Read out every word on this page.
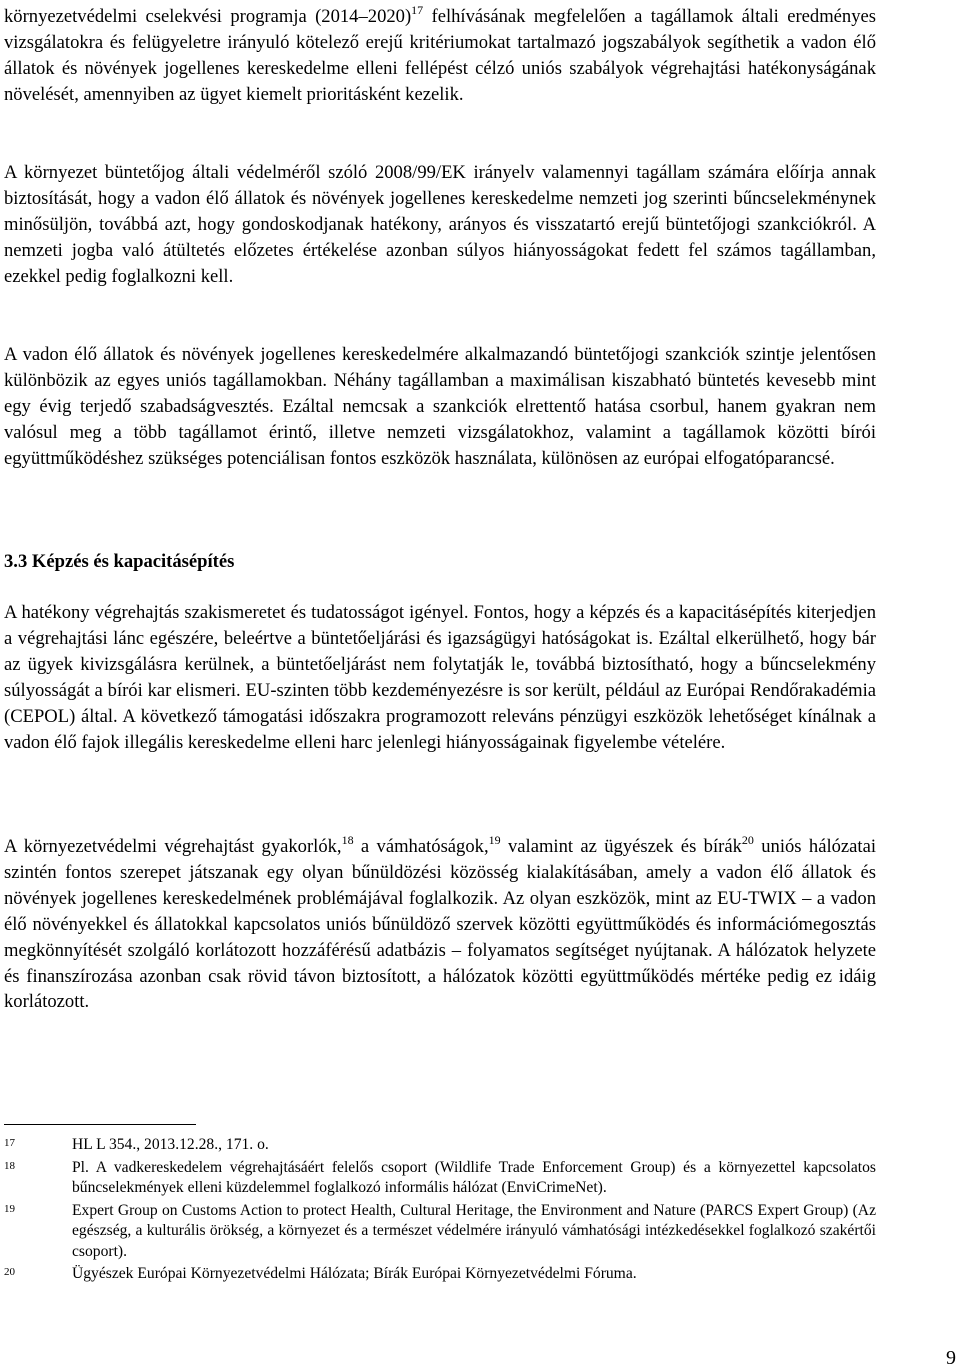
környezetvédelmi cselekvési programja (2014–2020)$^{17}$ felhívásának megfelelően a tagállamok általi eredményes vizsgálatokra és felügyeletre irányuló kötelező erejű kritériumokat tartalmazó jogszabályok segíthetik a vadon élő állatok és növények jogellenes kereskedelme elleni fellépést célzó uniós szabályok végrehajtási hatékonyságának növelését, amennyiben az ügyet kiemelt prioritásként kezelik.

A környezet büntetőjog általi védelméről szóló 2008/99/EK irányelv valamennyi tagállam számára előírja annak biztosítását, hogy a vadon élő állatok és növények jogellenes kereskedelme nemzeti jog szerinti bűncselekménynek minősüljön, továbbá azt, hogy gondoskodjanak hatékony, arányos és visszatartó erejű büntetőjogi szankciókról. A nemzeti jogba való átültetés előzetes értékelése azonban súlyos hiányosságokat fedett fel számos tagállamban, ezekkel pedig foglalkozni kell.

A vadon élő állatok és növények jogellenes kereskedelmére alkalmazandó büntetőjogi szankciók szintje jelentősen különbözik az egyes uniós tagállamokban. Néhány tagállamban a maximálisan kiszabható büntetés kevesebb mint egy évig terjedő szabadságvesztés. Ezáltal nemcsak a szankciók elrettentő hatása csorbul, hanem gyakran nem valósul meg a több tagállamot érintő, illetve nemzeti vizsgálatokhoz, valamint a tagállamok közötti bírói együttműködéshez szükséges potenciálisan fontos eszközök használata, különösen az európai elfogatóparancsé.

3.3 Képzés és kapacitásépítés

A hatékony végrehajtás szakismeretet és tudatosságot igényel. Fontos, hogy a képzés és a kapacitásépítés kiterjedjen a végrehajtási lánc egészére, beleértve a büntetőeljárási és igazságügyi hatóságokat is. Ezáltal elkerülhető, hogy bár az ügyek kivizsgálásra kerülnek, a büntetőeljárást nem folytatják le, továbbá biztosítható, hogy a bűncselekmény súlyosságát a bírói kar elismeri. EU-szinten több kezdeményezésre is sor került, például az Európai Rendőrakadémia (CEPOL) által. A következő támogatási időszakra programozott releváns pénzügyi eszközök lehetőséget kínálnak a vadon élő fajok illegális kereskedelme elleni harc jelenlegi hiányosságainak figyelembe vételére.

A környezetvédelmi végrehajtást gyakorlók,$^{18}$ a vámhatóságok,$^{19}$ valamint az ügyészek és bírák$^{20}$ uniós hálózatai szintén fontos szerepet játszanak egy olyan bűnüldözési közösség kialakításában, amely a vadon élő állatok és növények jogellenes kereskedelmének problémájával foglalkozik. Az olyan eszközök, mint az EU-TWIX – a vadon élő növényekkel és állatokkal kapcsolatos uniós bűnüldöző szervek közötti együttműködés és információmegosztás megkönnyítését szolgáló korlátozott hozzáférésű adatbázis – folyamatos segítséget nyújtanak. A hálózatok helyzete és finanszírozása azonban csak rövid távon biztosított, a hálózatok közötti együttműködés mértéke pedig ez idáig korlátozott.

17	HL L 354., 2013.12.28., 171. o.
18	Pl. A vadkereskedelem végrehajtásáért felelős csoport (Wildlife Trade Enforcement Group) és a környezettel kapcsolatos bűncselekmények elleni küzdelemmel foglalkozó informális hálózat (EnviCrimeNet).
19	Expert Group on Customs Action to protect Health, Cultural Heritage, the Environment and Nature (PARCS Expert Group) (Az egészség, a kulturális örökség, a környezet és a természet védelmére irányuló vámhatósági intézkedésekkel foglalkozó szakértői csoport).
20	Ügyészek Európai Környezetvédelmi Hálózata; Bírák Európai Környezetvédelmi Fóruma.
9
